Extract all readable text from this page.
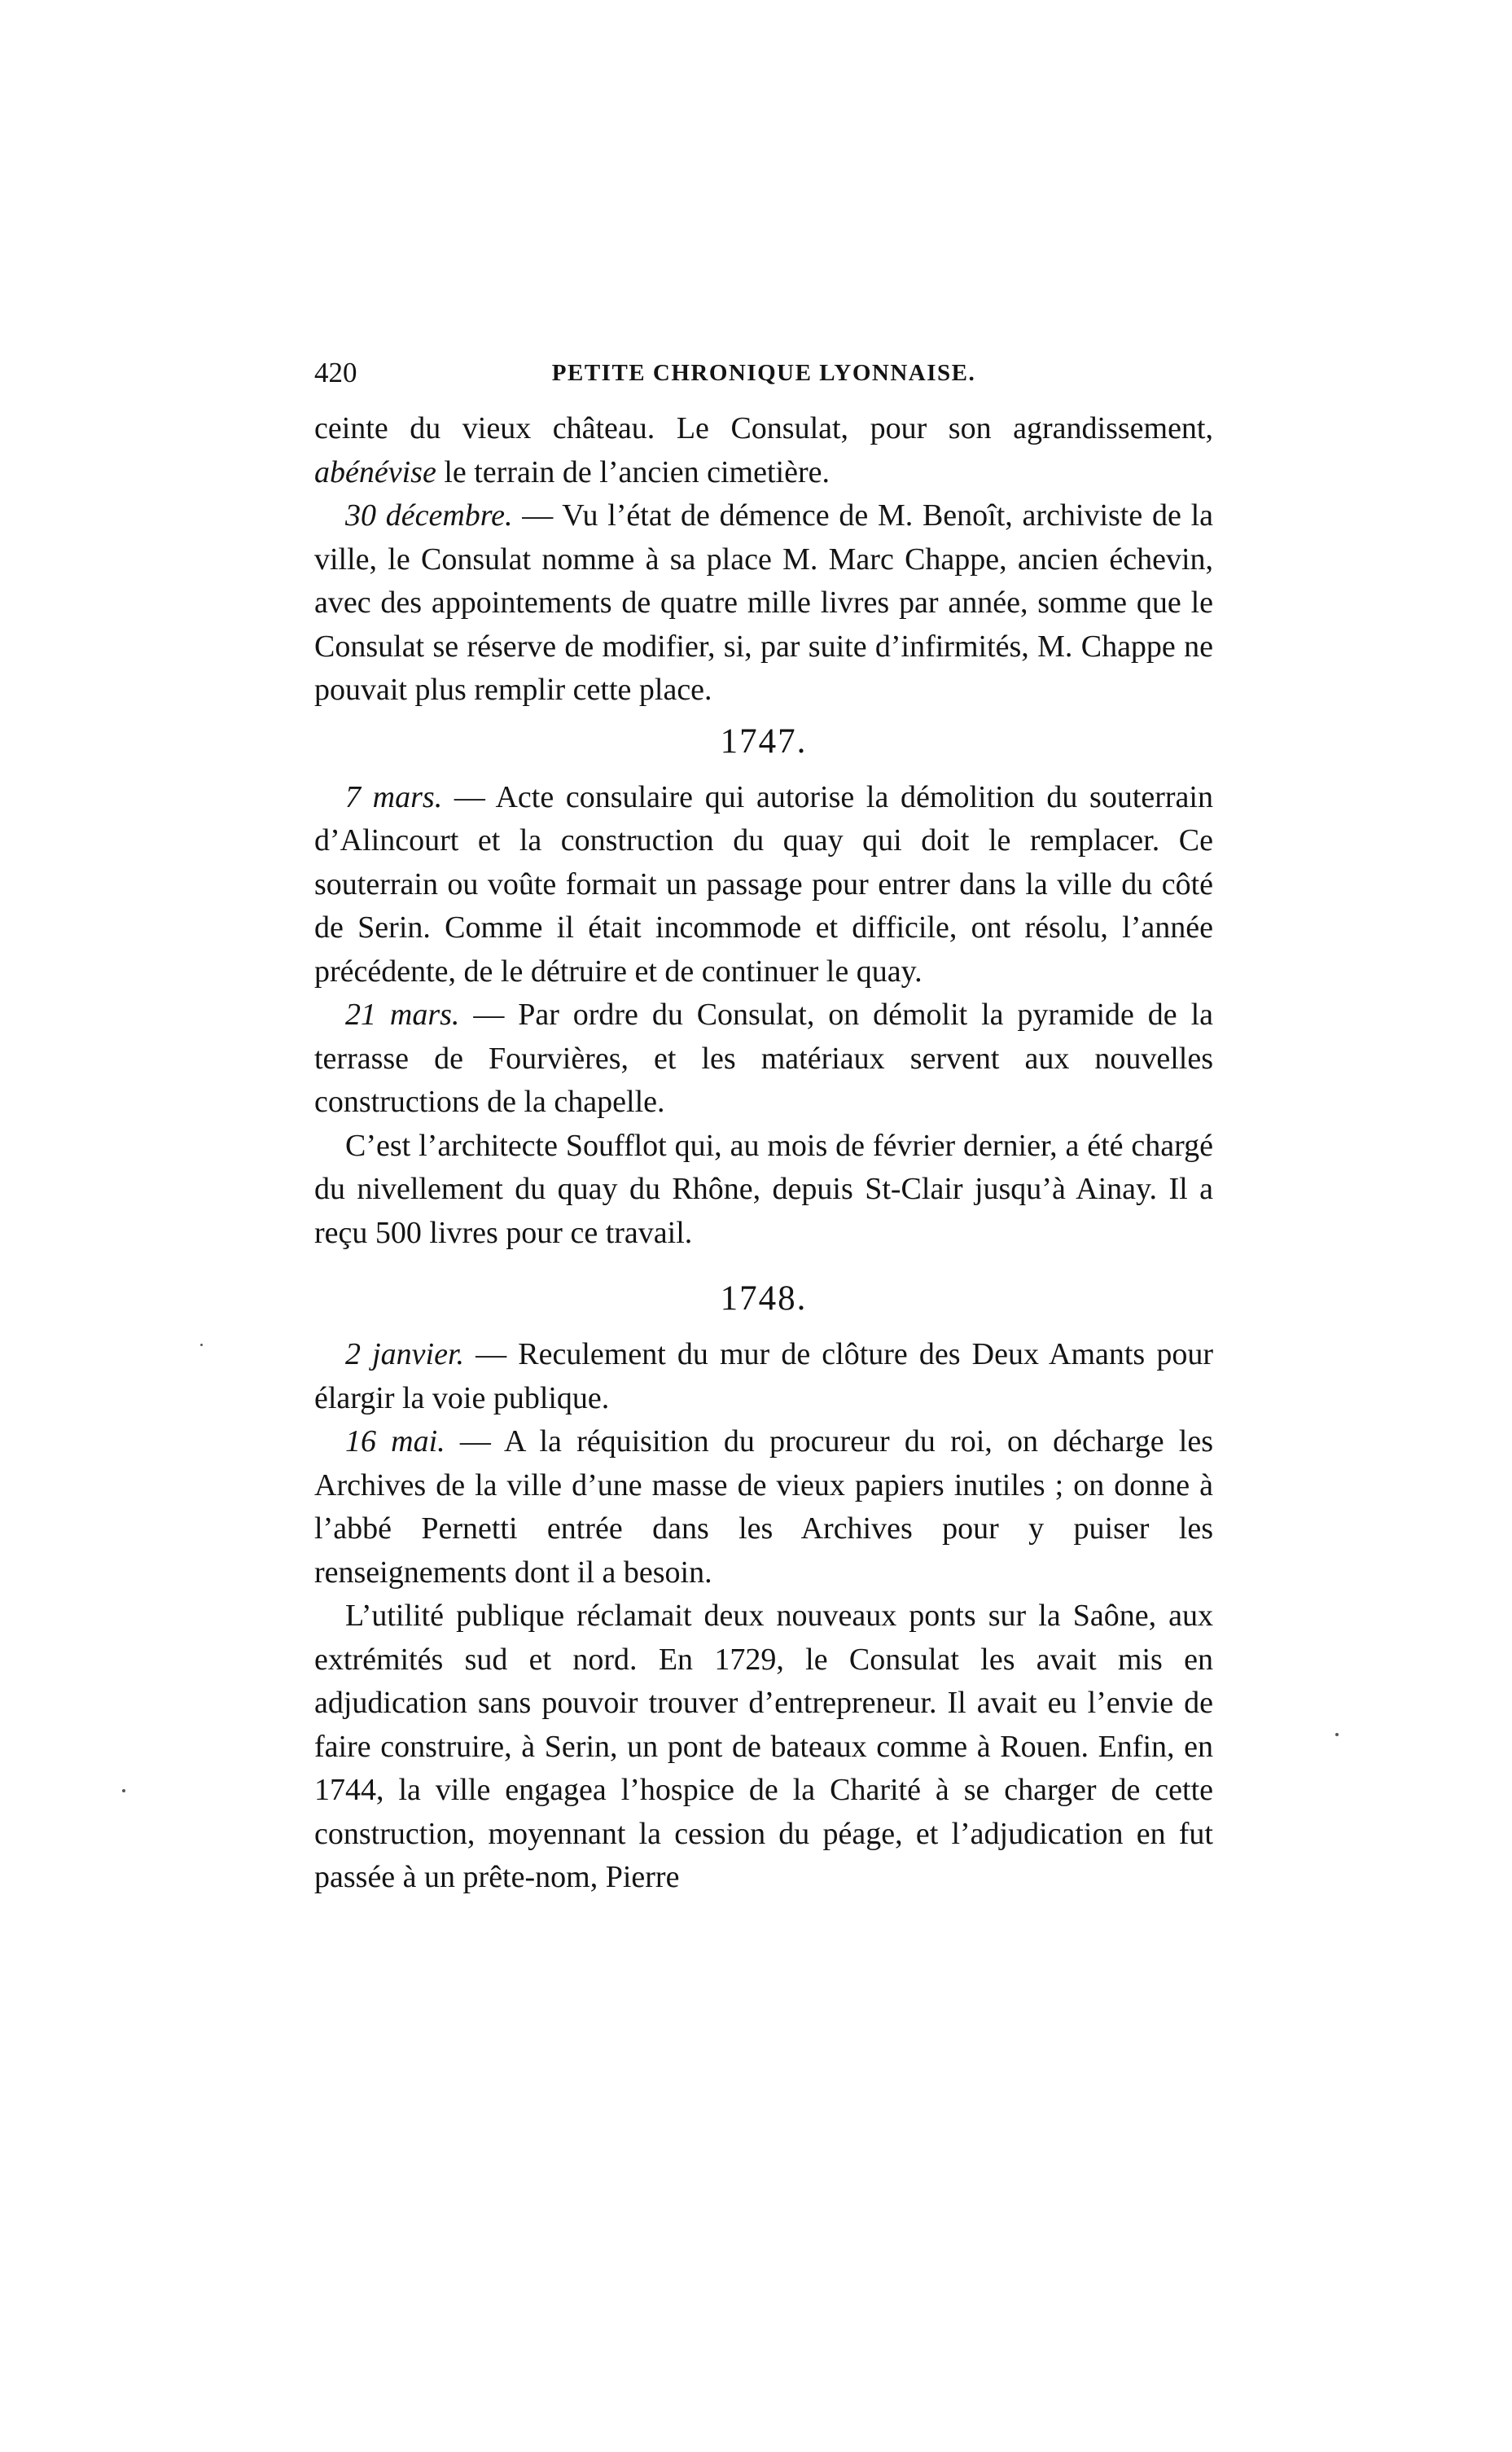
420	PETITE CHRONIQUE LYONNAISE.

ceinte du vieux château. Le Consulat, pour son agrandissement, abénévise le terrain de l’ancien cimetière.

30 décembre. — Vu l’état de démence de M. Benoît, archiviste de la ville, le Consulat nomme à sa place M. Marc Chappe, ancien échevin, avec des appointements de quatre mille livres par année, somme que le Consulat se réserve de modifier, si, par suite d’infirmités, M. Chappe ne pouvait plus remplir cette place.

1747.

7 mars. — Acte consulaire qui autorise la démolition du souterrain d’Alincourt et la construction du quay qui doit le remplacer. Ce souterrain ou voûte formait un passage pour entrer dans la ville du côté de Serin. Comme il était incommode et difficile, ont résolu, l’année précédente, de le détruire et de continuer le quay.

21 mars. — Par ordre du Consulat, on démolit la pyramide de la terrasse de Fourvières, et les matériaux servent aux nouvelles constructions de la chapelle.

C’est l’architecte Soufflot qui, au mois de février dernier, a été chargé du nivellement du quay du Rhône, depuis St-Clair jusqu’à Ainay. Il a reçu 500 livres pour ce travail.

1748.

2 janvier. — Reculement du mur de clôture des Deux Amants pour élargir la voie publique.

16 mai. — A la réquisition du procureur du roi, on décharge les Archives de la ville d’une masse de vieux papiers inutiles ; on donne à l’abbé Pernetti entrée dans les Archives pour y puiser les renseignements dont il a besoin.

L’utilité publique réclamait deux nouveaux ponts sur la Saône, aux extrémités sud et nord. En 1729, le Consulat les avait mis en adjudication sans pouvoir trouver d’entrepreneur. Il avait eu l’envie de faire construire, à Serin, un pont de bateaux comme à Rouen. Enfin, en 1744, la ville engagea l’hospice de la Charité à se charger de cette construction, moyennant la cession du péage, et l’adjudication en fut passée à un prête-nom, Pierre
